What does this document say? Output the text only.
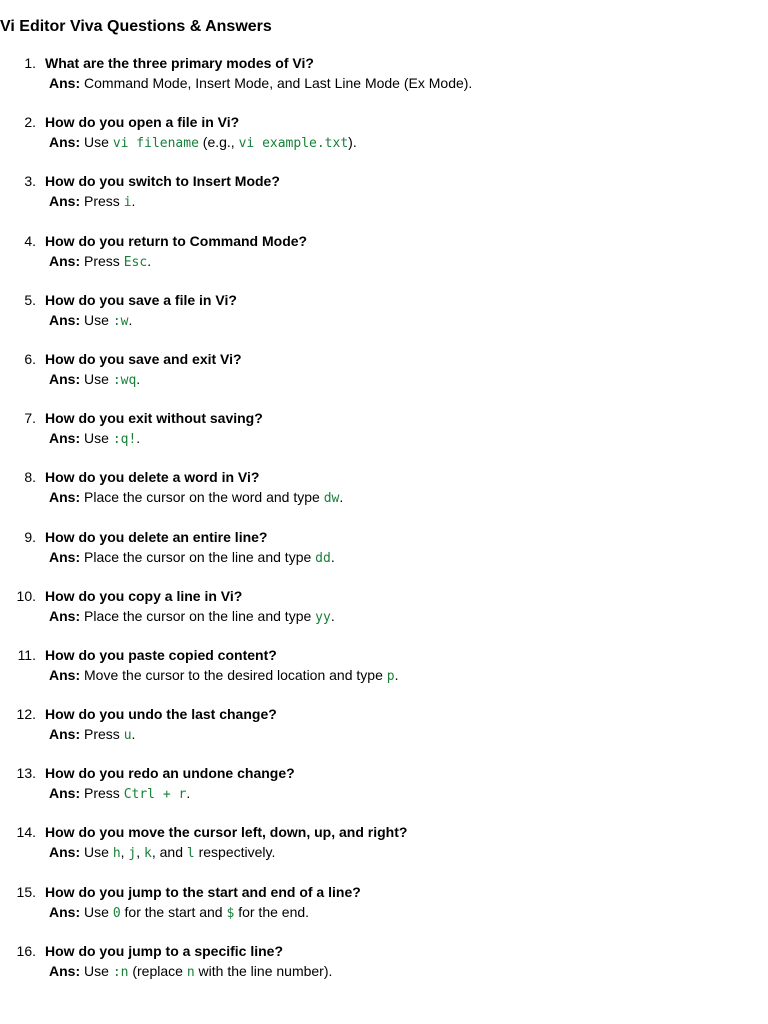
Vi Editor Viva Questions & Answers
1. What are the three primary modes of Vi?
Ans: Command Mode, Insert Mode, and Last Line Mode (Ex Mode).
2. How do you open a file in Vi?
Ans: Use vi filename (e.g., vi example.txt).
3. How do you switch to Insert Mode?
Ans: Press i.
4. How do you return to Command Mode?
Ans: Press Esc.
5. How do you save a file in Vi?
Ans: Use :w.
6. How do you save and exit Vi?
Ans: Use :wq.
7. How do you exit without saving?
Ans: Use :q!.
8. How do you delete a word in Vi?
Ans: Place the cursor on the word and type dw.
9. How do you delete an entire line?
Ans: Place the cursor on the line and type dd.
10. How do you copy a line in Vi?
Ans: Place the cursor on the line and type yy.
11. How do you paste copied content?
Ans: Move the cursor to the desired location and type p.
12. How do you undo the last change?
Ans: Press u.
13. How do you redo an undone change?
Ans: Press Ctrl + r.
14. How do you move the cursor left, down, up, and right?
Ans: Use h, j, k, and l respectively.
15. How do you jump to the start and end of a line?
Ans: Use 0 for the start and $ for the end.
16. How do you jump to a specific line?
Ans: Use :n (replace n with the line number).
